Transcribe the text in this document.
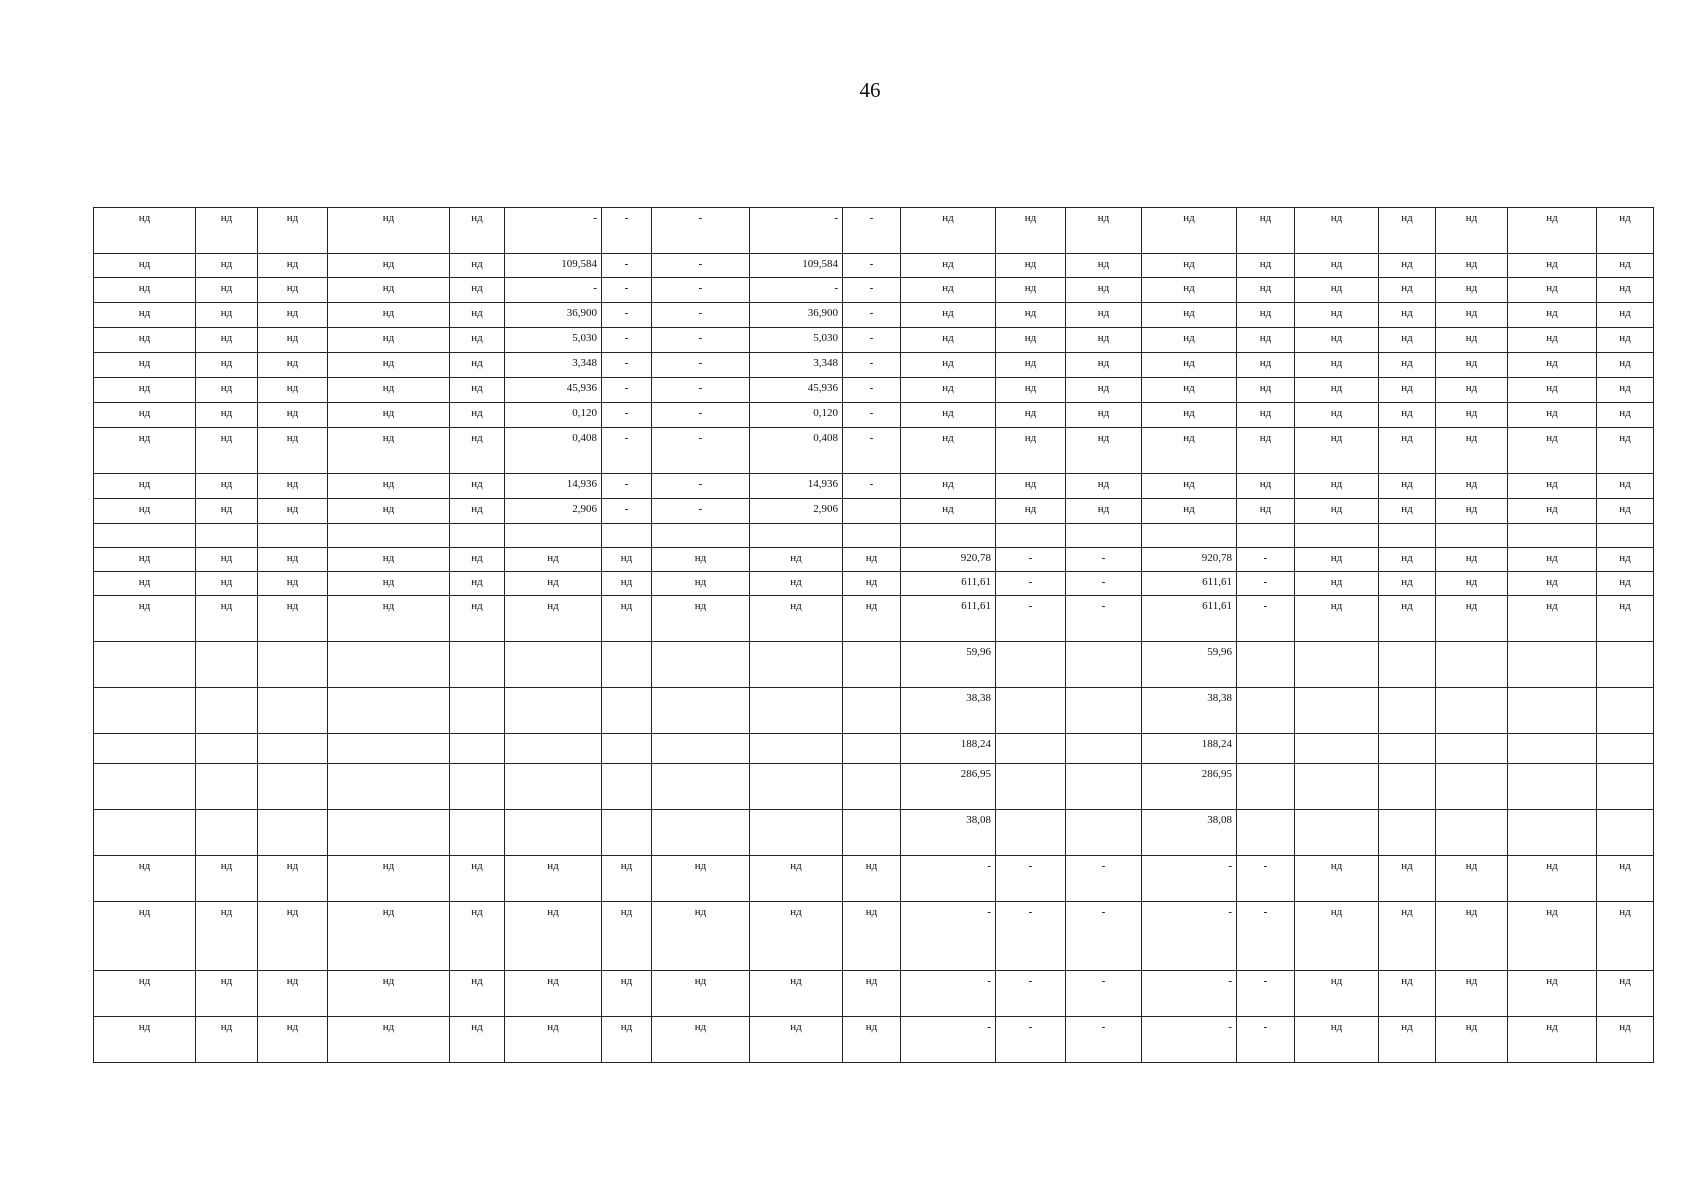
46
нд	нд	нд	нд	нд	-	-	-	-	-	нд	нд	нд	нд	нд	нд	нд	нд	нд	нд
нд	нд	нд	нд	нд	109,584	-	-	109,584	-	нд	нд	нд	нд	нд	нд	нд	нд	нд	нд
нд	нд	нд	нд	нд	-	-	-	-	-	нд	нд	нд	нд	нд	нд	нд	нд	нд	нд
нд	нд	нд	нд	нд	36,900	-	-	36,900	-	нд	нд	нд	нд	нд	нд	нд	нд	нд	нд
нд	нд	нд	нд	нд	5,030	-	-	5,030	-	нд	нд	нд	нд	нд	нд	нд	нд	нд	нд
нд	нд	нд	нд	нд	3,348	-	-	3,348	-	нд	нд	нд	нд	нд	нд	нд	нд	нд	нд
нд	нд	нд	нд	нд	45,936	-	-	45,936	-	нд	нд	нд	нд	нд	нд	нд	нд	нд	нд
нд	нд	нд	нд	нд	0,120	-	-	0,120	-	нд	нд	нд	нд	нд	нд	нд	нд	нд	нд
нд	нд	нд	нд	нд	0,408	-	-	0,408	-	нд	нд	нд	нд	нд	нд	нд	нд	нд	нд
нд	нд	нд	нд	нд	14,936	-	-	14,936	-	нд	нд	нд	нд	нд	нд	нд	нд	нд	нд
нд	нд	нд	нд	нд	2,906	-	-	2,906		нд	нд	нд	нд	нд	нд	нд	нд	нд	нд

нд	нд	нд	нд	нд	нд	нд	нд	нд	нд	920,78	-	-	920,78	-	нд	нд	нд	нд	нд
нд	нд	нд	нд	нд	нд	нд	нд	нд	нд	611,61	-	-	611,61	-	нд	нд	нд	нд	нд
нд	нд	нд	нд	нд	нд	нд	нд	нд	нд	611,61	-	-	611,61	-	нд	нд	нд	нд	нд
										59,96			59,96						
										38,38			38,38						
										188,24			188,24						
										286,95			286,95						
										38,08			38,08						
нд	нд	нд	нд	нд	нд	нд	нд	нд	нд	-	-	-	-	-	нд	нд	нд	нд	нд
нд	нд	нд	нд	нд	нд	нд	нд	нд	нд	-	-	-	-	-	нд	нд	нд	нд	нд
нд	нд	нд	нд	нд	нд	нд	нд	нд	нд	-	-	-	-	-	нд	нд	нд	нд	нд
нд	нд	нд	нд	нд	нд	нд	нд	нд	нд	-	-	-	-	-	нд	нд	нд	нд	нд
